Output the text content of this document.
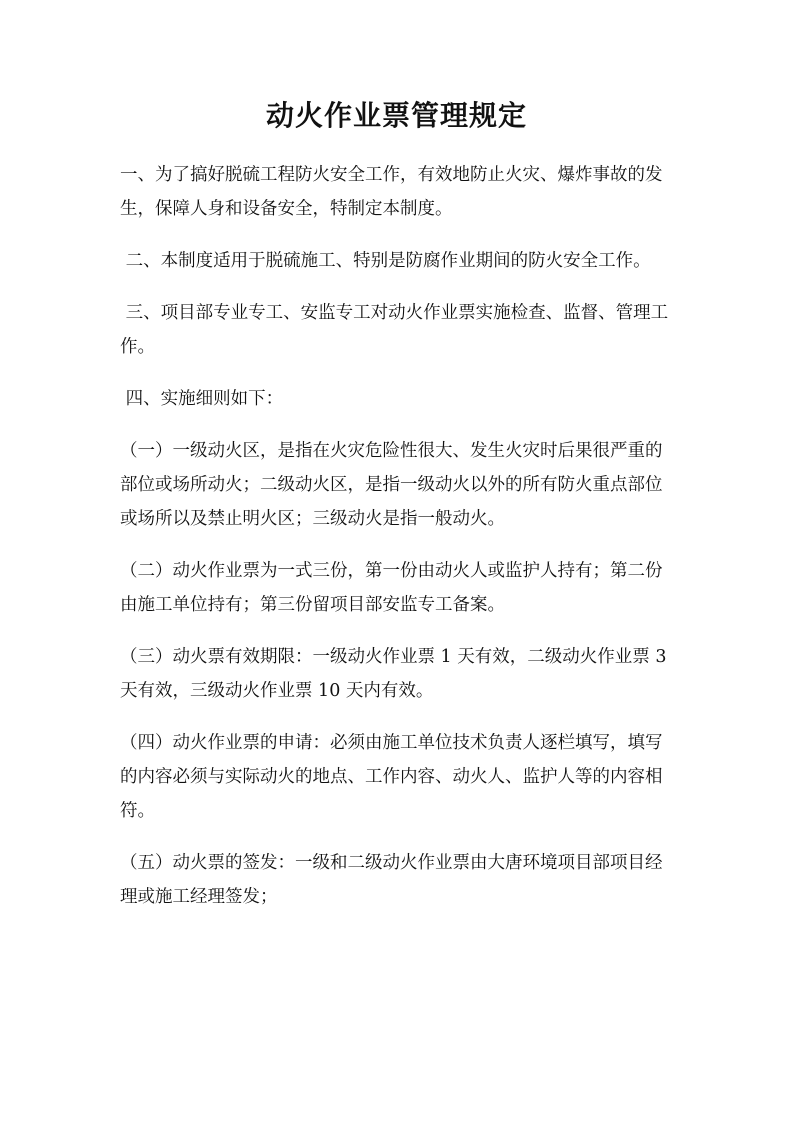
动火作业票管理规定

一、为了搞好脱硫工程防火安全工作，有效地防止火灾、爆炸事故的发生，保障人身和设备安全，特制定本制度。

二、本制度适用于脱硫施工、特别是防腐作业期间的防火安全工作。

三、项目部专业专工、安监专工对动火作业票实施检查、监督、管理工作。

四、实施细则如下：

（一）一级动火区，是指在火灾危险性很大、发生火灾时后果很严重的部位或场所动火；二级动火区，是指一级动火以外的所有防火重点部位或场所以及禁止明火区；三级动火是指一般动火。

（二）动火作业票为一式三份，第一份由动火人或监护人持有；第二份由施工单位持有；第三份留项目部安监专工备案。

（三）动火票有效期限：一级动火作业票 1 天有效，二级动火作业票 3 天有效，三级动火作业票 10 天内有效。

（四）动火作业票的申请：必须由施工单位技术负责人逐栏填写，填写的内容必须与实际动火的地点、工作内容、动火人、监护人等的内容相符。

（五）动火票的签发：一级和二级动火作业票由大唐环境项目部项目经理或施工经理签发；
